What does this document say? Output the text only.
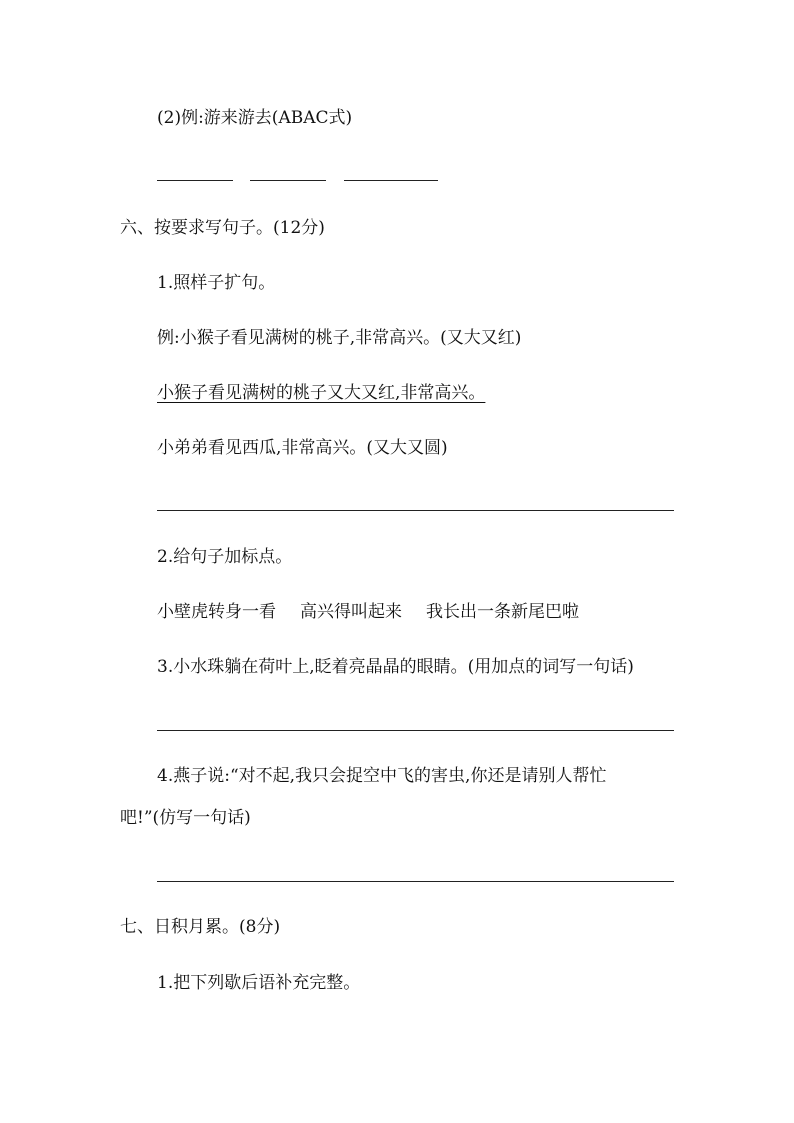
(2)例:游来游去(ABAC式)
六、按要求写句子。(12分)
1.照样子扩句。
例:小猴子看见满树的桃子,非常高兴。(又大又红)
小猴子看见满树的桃子又大又红,非常高兴。
小弟弟看见西瓜,非常高兴。(又大又圆)
2.给句子加标点。
小壁虎转身一看 高兴得叫起来 我长出一条新尾巴啦
3.小水珠躺在荷叶上,眨着亮晶晶的眼睛。(用加点的词写一句话)
4.燕子说:“对不起,我只会捉空中飞的害虫,你还是请别人帮忙
吧!”(仿写一句话)
七、日积月累。(8分)
1.把下列歇后语补充完整。
